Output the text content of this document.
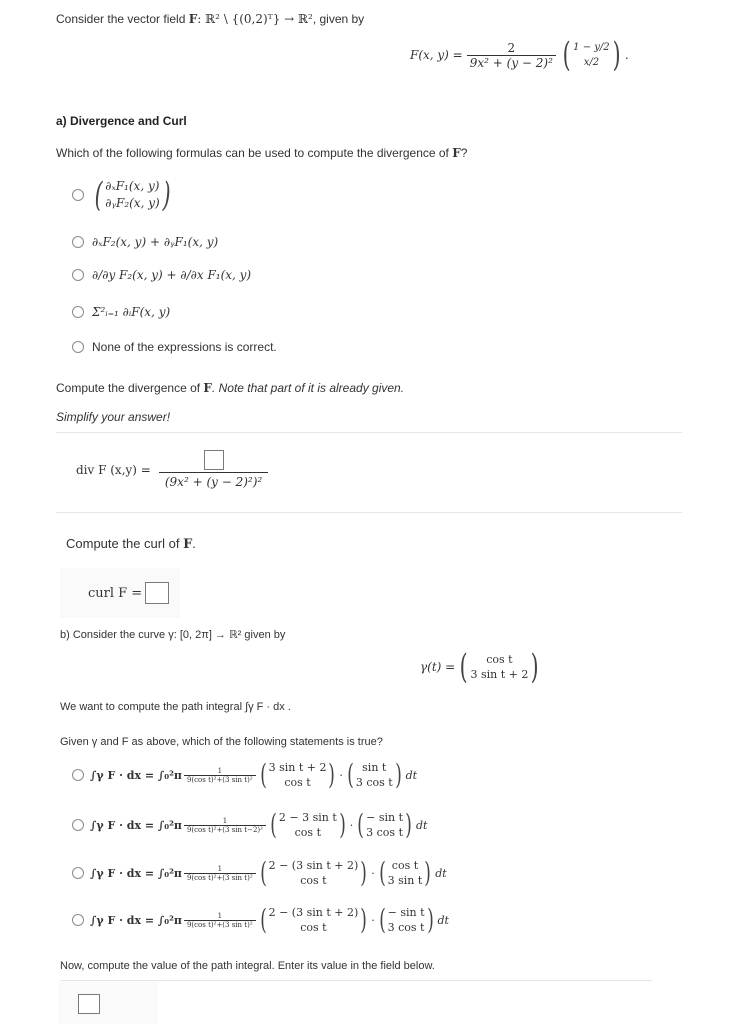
Consider the vector field F: ℝ² \ {(0,2)ᵀ} → ℝ², given by
F(x, $y) = \frac{2}{\text{9x² + (y − 2)²}}$ ( 1 − y/2
x/2 ) .
a) Divergence and Curl
Which of the following formulas can be used to compute the divergence of F?
( ∂ₓF₁(x, y)
∂ᵧF₂(x, y) )
∂ₓF₂(x, y) + ∂ᵧF₁(x, y)
∂/∂y F₂(x, y) + ∂/∂x F₁(x, y)
Σ²ᵢ₌₁ ∂ᵢF(x, y)
None of the expressions is correct.
Compute the divergence of F. Note that part of it is already given.
Simplify your answer!
div F (x,y) =
(9x² + (y − 2)²)²
Compute the curl of F.
curl F =
b) Consider the curve γ: [0, 2π] → ℝ² given by
γ(t) = ( cos t
3 sin t + 2 )
We want to compute the path integral ∫γ F · dx .
Given γ and F as above, which of the following statements is true?
∫γ F · dx = $\int_0^2\pi \frac{1}{\text{9(cos t)²+(3 sin t)²}}$ ( 3 sin t + 2
cos t ) · ( sin t
3 cos t ) dt
∫γ F · dx = $\int_0^2\pi \frac{1}{\text{9(cos t)²+(3 sin t−2)²}}$ ( 2 − 3 sin t
cos t ) · ( − sin t
3 cos t ) dt
∫γ F · dx = $\int_0^2\pi \frac{1}{\text{9(cos t)²+(3 sin t)²}}$ ( 2 − (3 sin t + 2)
cos t ) · ( cos t
3 sin t ) dt
∫γ F · dx = $\int_0^2\pi \frac{1}{\text{9(cos t)²+(3 sin t)²}}$ ( 2 − (3 sin t + 2)
cos t ) · ( − sin t
3 cos t ) dt
Now, compute the value of the path integral. Enter its value in the field below.
